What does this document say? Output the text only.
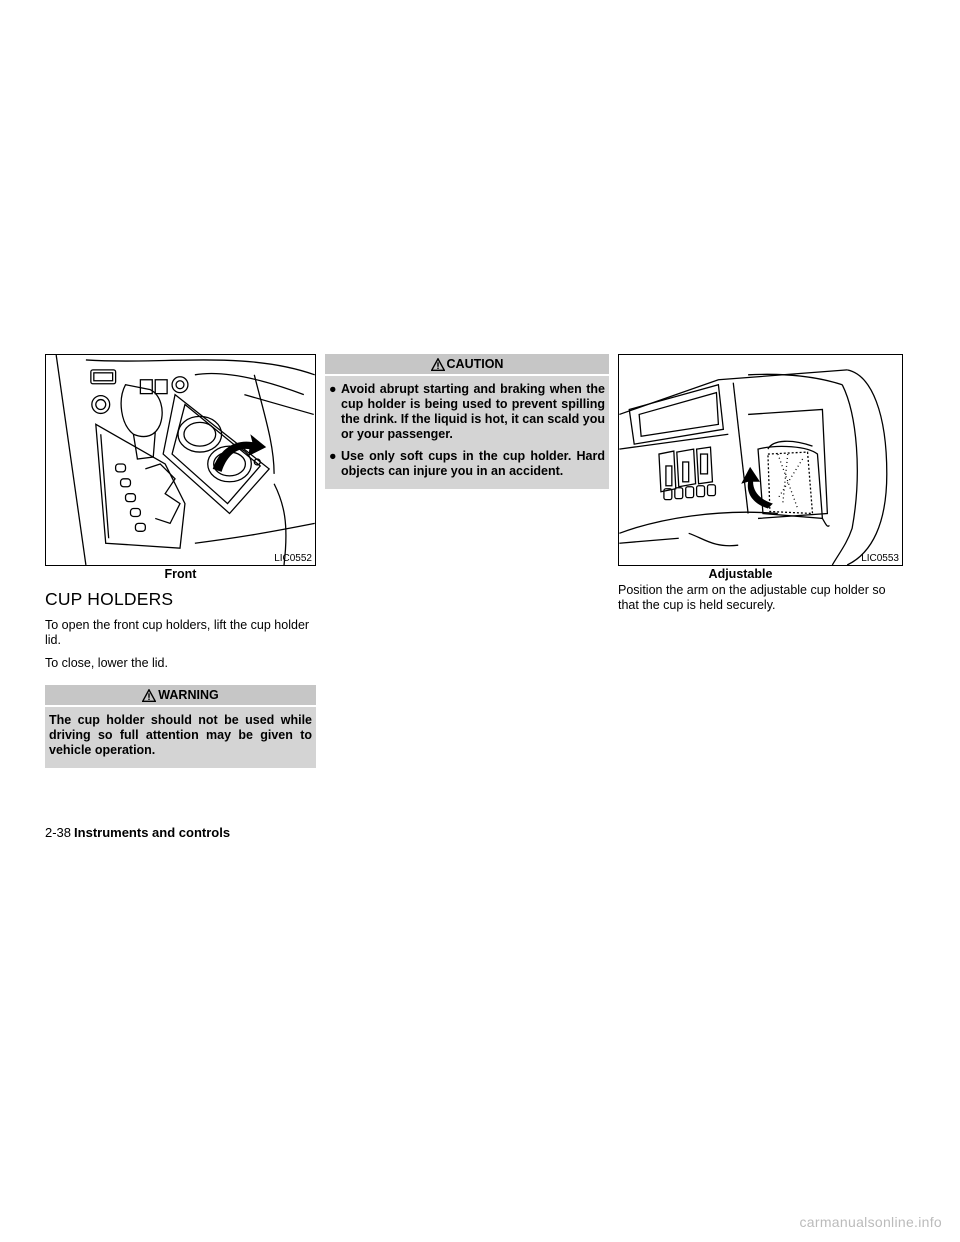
LIC0552
Front
CUP HOLDERS

To open the front cup holders, lift the cup holder lid.

To close, lower the lid.

WARNING
The cup holder should not be used while driving so full attention may be given to vehicle operation.
CAUTION
● Avoid abrupt starting and braking when the cup holder is being used to prevent spilling the drink. If the liquid is hot, it can scald you or your passenger.
● Use only soft cups in the cup holder. Hard objects can injure you in an accident.
LIC0553
Adjustable

Position the arm on the adjustable cup holder so that the cup is held securely.

2-38 Instruments and controls
carmanualsonline.info
